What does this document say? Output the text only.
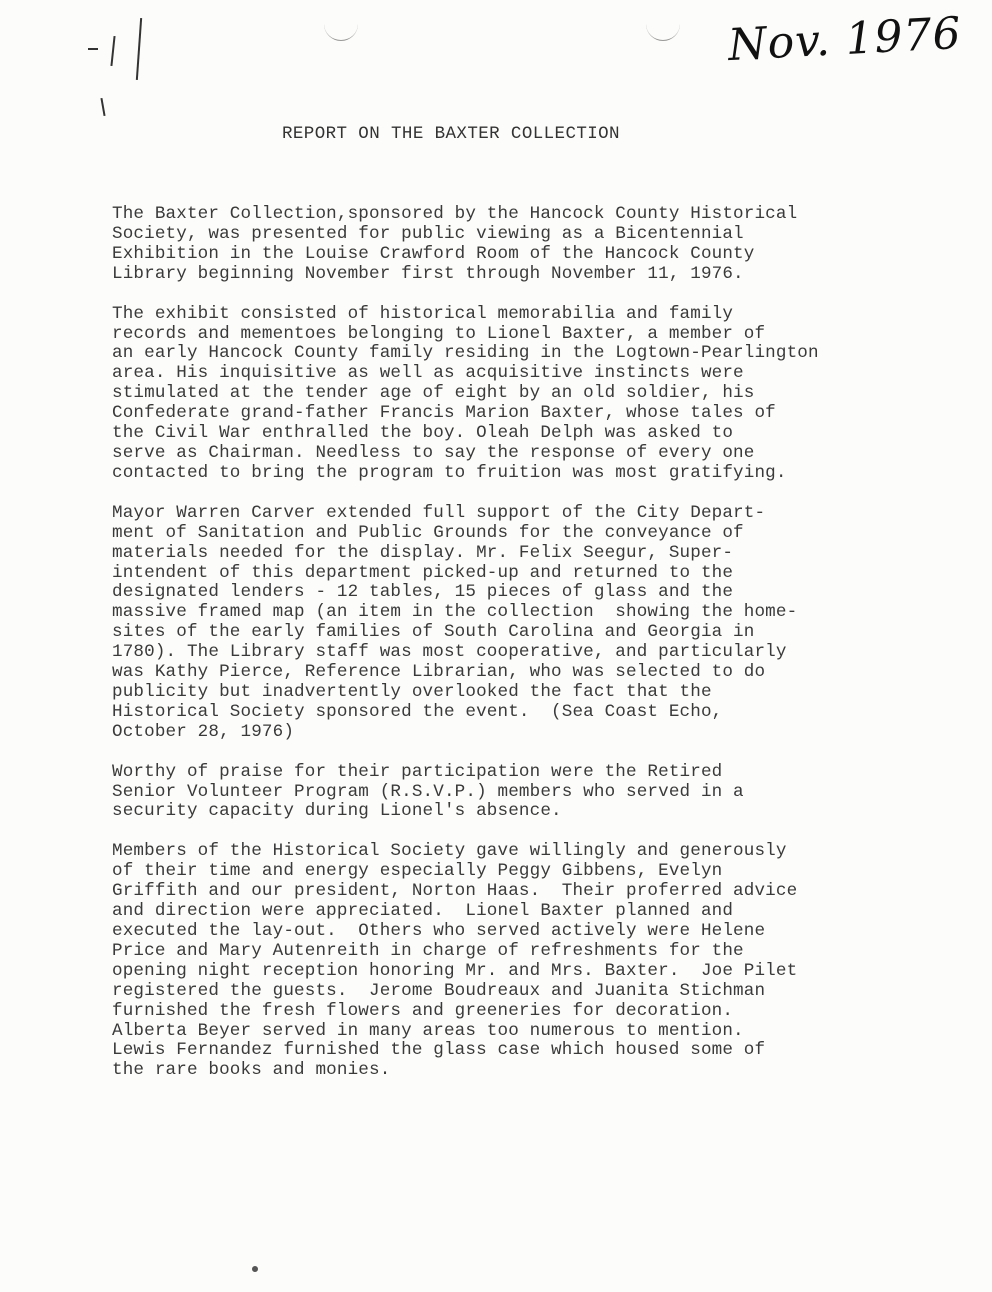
Nov. 1976
REPORT ON THE BAXTER COLLECTION
The Baxter Collection,sponsored by the Hancock County Historical
Society, was presented for public viewing as a Bicentennial
Exhibition in the Louise Crawford Room of the Hancock County
Library beginning November first through November 11, 1976.
The exhibit consisted of historical memorabilia and family
records and mementoes belonging to Lionel Baxter, a member of
an early Hancock County family residing in the Logtown-Pearlington
area. His inquisitive as well as acquisitive instincts were
stimulated at the tender age of eight by an old soldier, his
Confederate grand-father Francis Marion Baxter, whose tales of
the Civil War enthralled the boy. Oleah Delph was asked to
serve as Chairman. Needless to say the response of every one
contacted to bring the program to fruition was most gratifying.
Mayor Warren Carver extended full support of the City Depart-
ment of Sanitation and Public Grounds for the conveyance of
materials needed for the display. Mr. Felix Seegur, Super-
intendent of this department picked-up and returned to the
designated lenders - 12 tables, 15 pieces of glass and the
massive framed map (an item in the collection  showing the home-
sites of the early families of South Carolina and Georgia in
1780). The Library staff was most cooperative, and particularly
was Kathy Pierce, Reference Librarian, who was selected to do
publicity but inadvertently overlooked the fact that the
Historical Society sponsored the event.  (Sea Coast Echo,
October 28, 1976)
Worthy of praise for their participation were the Retired
Senior Volunteer Program (R.S.V.P.) members who served in a
security capacity during Lionel's absence.
Members of the Historical Society gave willingly and generously
of their time and energy especially Peggy Gibbens, Evelyn
Griffith and our president, Norton Haas.  Their proferred advice
and direction were appreciated.  Lionel Baxter planned and
executed the lay-out.  Others who served actively were Helene
Price and Mary Autenreith in charge of refreshments for the
opening night reception honoring Mr. and Mrs. Baxter.  Joe Pilet
registered the guests.  Jerome Boudreaux and Juanita Stichman
furnished the fresh flowers and greeneries for decoration.
Alberta Beyer served in many areas too numerous to mention.
Lewis Fernandez furnished the glass case which housed some of
the rare books and monies.
